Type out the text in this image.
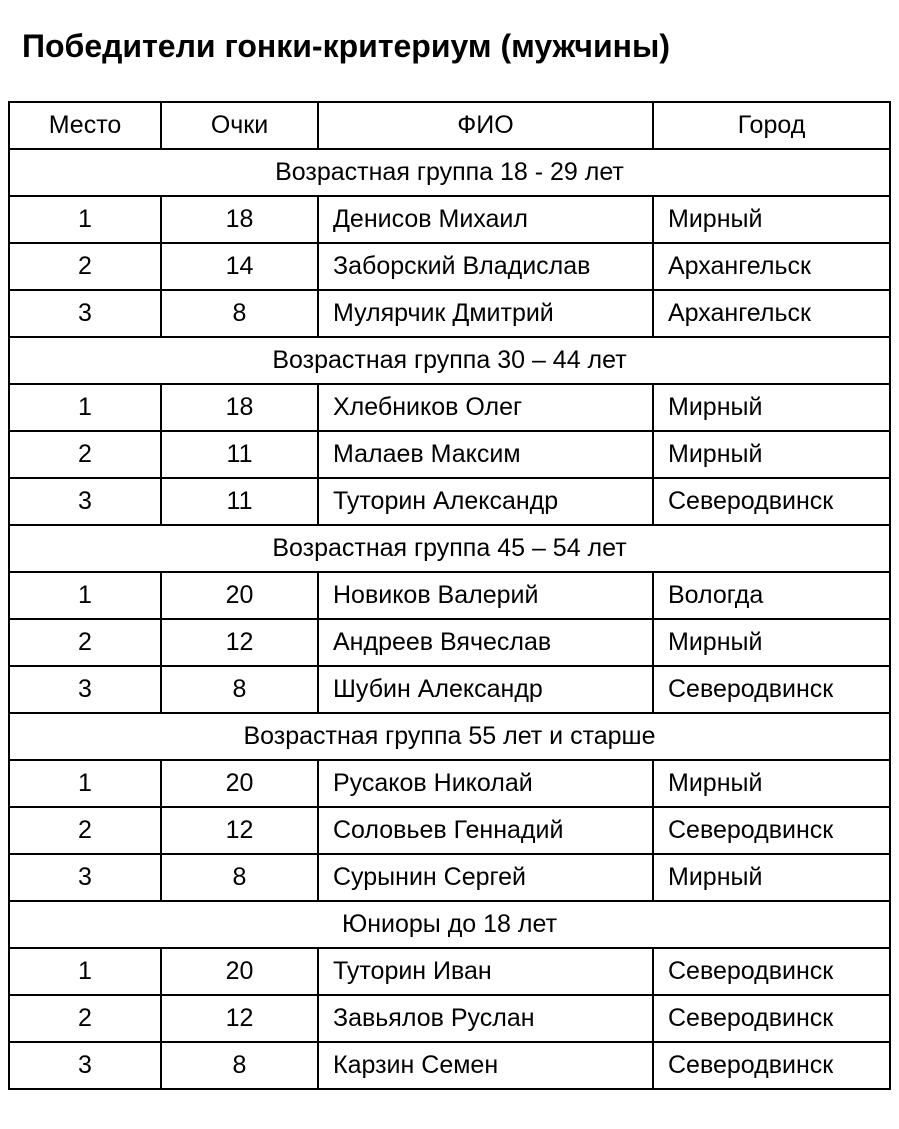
Победители гонки-критериум (мужчины)
Место	Очки	ФИО	Город
Возрастная группа 18 - 29 лет			
1	18	Денисов Михаил	Мирный
2	14	Заборский Владислав	Архангельск
3	8	Мулярчик Дмитрий	Архангельск
Возрастная группа 30 – 44 лет			
1	18	Хлебников Олег	Мирный
2	11	Малаев Максим	Мирный
3	11	Туторин Александр	Северодвинск
Возрастная группа 45 – 54 лет			
1	20	Новиков Валерий	Вологда
2	12	Андреев Вячеслав	Мирный
3	8	Шубин Александр	Северодвинск
Возрастная группа 55 лет и старше			
1	20	Русаков Николай	Мирный
2	12	Соловьев Геннадий	Северодвинск
3	8	Сурынин Сергей	Мирный
Юниоры до 18 лет			
1	20	Туторин Иван	Северодвинск
2	12	Завьялов Руслан	Северодвинск
3	8	Карзин Семен	Северодвинск
